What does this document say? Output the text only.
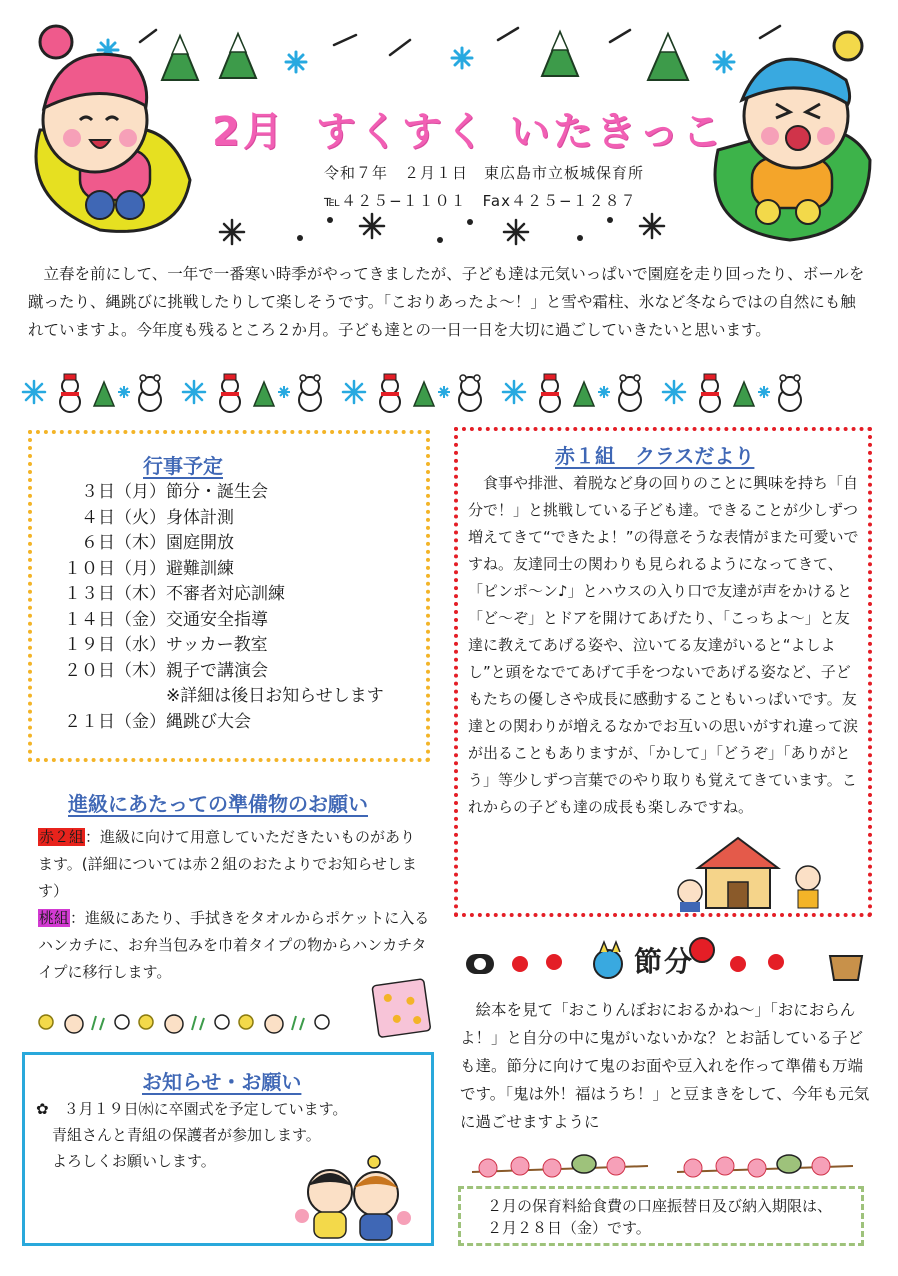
2月 すくすく いたきっこ
令和７年　２月１日　東広島市立板城保育所
℡４２５−１１０１　Fax４２５−１２８７

立春を前にして、一年で一番寒い時季がやってきましたが、子ども達は元気いっぱいで園庭を走り回ったり、ボールを蹴ったり、縄跳びに挑戦したりして楽しそうです。「こおりあったよ〜！」と雪や霜柱、氷など冬ならではの自然にも触れていますよ。今年度も残るところ２か月。子ども達との一日一日を大切に過ごしていきたいと思います。

行事予定
３日（月）節分・誕生会
４日（火）身体計測
６日（木）園庭開放
１０日（月）避難訓練
１３日（木）不審者対応訓練
１４日（金）交通安全指導
１９日（水）サッカー教室
２０日（木）親子で講演会
※詳細は後日お知らせします
２１日（金）縄跳び大会
進級にあたっての準備物のお願い

赤２組：進級に向けて用意していただきたいものがあります。(詳細については赤２組のおたよりでお知らせします）

桃組：進級にあたり、手拭きをタオルからポケットに入るハンカチに、お弁当包みを巾着タイプの物からハンカチタイプに移行します。

お知らせ・お願い

✿　 ３月１９日㈬に卒園式を予定しています。

青組さんと青組の保護者が参加します。

よろしくお願いします。

赤１組　クラスだより

食事や排泄、着脱など身の回りのことに興味を持ち「自分で！」と挑戦している子ども達。できることが少しずつ増えてきて“できたよ！”の得意そうな表情がまた可愛いですね。友達同士の関わりも見られるようになってきて、「ピンポ〜ン♪」とハウスの入り口で友達が声をかけると「ど〜ぞ」とドアを開けてあげたり、「こっちよ〜」と友達に教えてあげる姿や、泣いてる友達がいると“よしよし”と頭をなでてあげて手をつないであげる姿など、子どもたちの優しさや成長に感動することもいっぱいです。友達との関わりが増えるなかでお互いの思いがすれ違って涙が出ることもありますが、「かして」「どうぞ」「ありがとう」等少しずつ言葉でのやり取りも覚えてきています。これからの子ども達の成長も楽しみですね。

節分

絵本を見て「おこりんぼおにおるかね〜」「おにおらんよ！」と自分の中に鬼がいないかな？とお話している子ども達。節分に向けて鬼のお面や豆入れを作って準備も万端です。「鬼は外！福はうち！」と豆まきをして、今年も元気に過ごせますように

２月の保育料給食費の口座振替日及び納入期限は、
２月２８日（金）です。
